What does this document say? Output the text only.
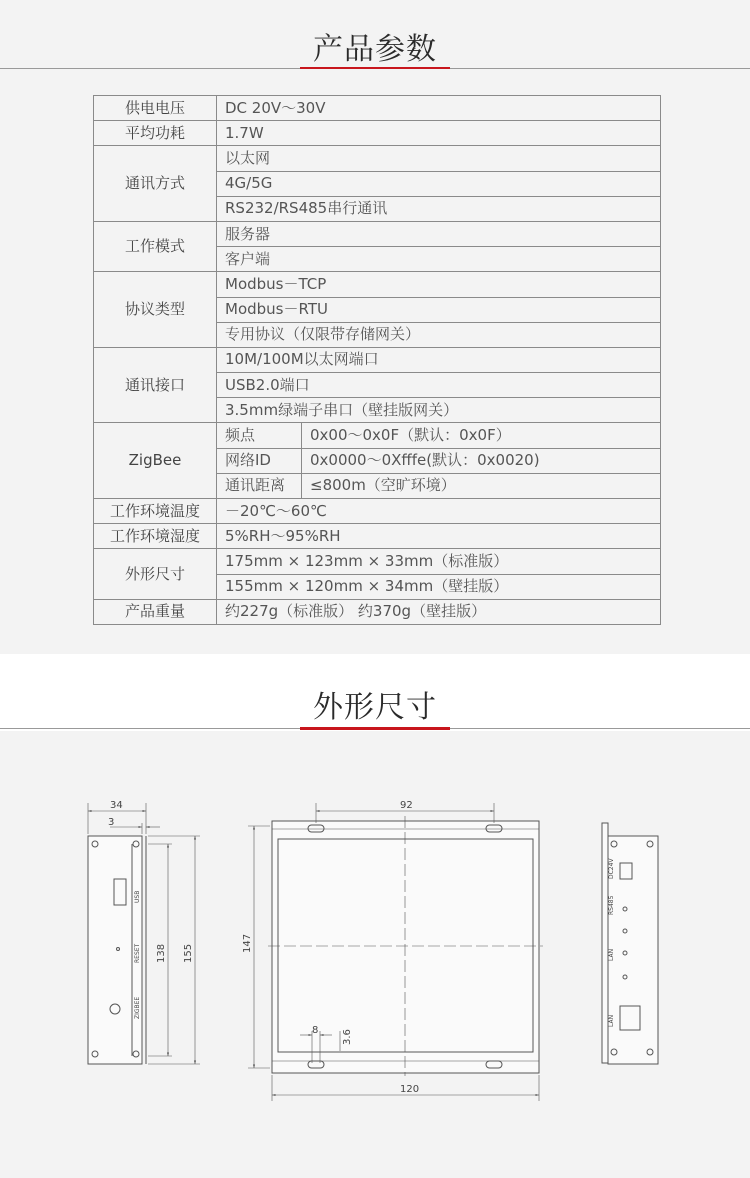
产品参数
供电电压	DC 20V～30V	
平均功耗	1.7W	
通讯方式	以太网	
	4G/5G	
	RS232/RS485串行通讯	
工作模式	服务器	
	客户端	
协议类型	Modbus－TCP	
	Modbus－RTU	
	专用协议（仅限带存储网关）	
通讯接口	10M/100M以太网端口	
	USB2.0端口	
	3.5mm绿端子串口（壁挂版网关）	
ZigBee	频点	0x00～0x0F（默认：0x0F）
	网络ID	0x0000～0Xfffe(默认：0x0020)
	通讯距离	≤800m（空旷环境）
工作环境温度	－20℃～60℃	
工作环境湿度	5%RH～95%RH	
外形尺寸	175mm × 123mm × 33mm（标准版）	
	155mm × 120mm × 34mm（壁挂版）	
产品重量	约227g（标准版） 约370g（壁挂版）	
外形尺寸
34
3
138 155
USB
RESET
ZIGBEE
92
147
120
8 3.6
DC24V
RS485
LAN
LAN
